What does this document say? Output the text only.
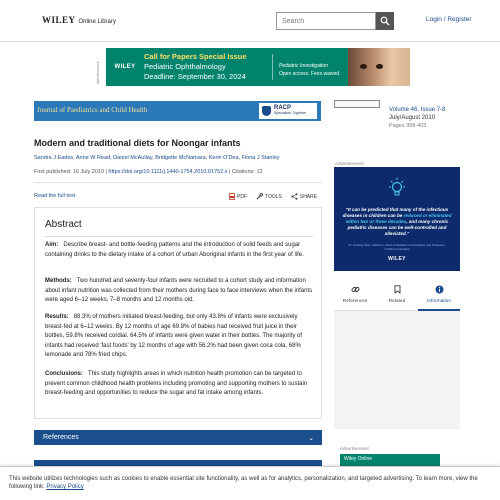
WILEY Online Library
Search	Login / Register
Advertisement	WILEY
Call for Papers Special Issue
Pediatric Ophthalmology
Deadline: September 30, 2024
Pediatric Investigation
Open access. Fees waived.
Journal of Paediatrics and Child Health	RACP
Specialists. Together	Volume 46, Issue 7-8
July/August 2010
Pages 398-403
Modern and traditional diets for Noongar infants
Sandra J Eades, Anne W Read, Daniel McAullay, Bridgette McNamara, Kerin O'Dea, Fiona J Stanley
First published: 16 July 2010 | https://doi.org/10.1111/j.1440-1754.2010.01752.x | Citations: 12
Read the full text	PDF	TOOLS	SHARE
Abstract
Aim: Describe breast- and bottle-feeding patterns and the introduction of solid feeds and sugar containing drinks to the dietary intake of a cohort of urban Aboriginal infants in the first year of life.
Methods: Two hundred and seventy-four infants were recruited to a cohort study and information about infant nutrition was collected from their mothers during face to face interviews when the infants were aged 6–12 weeks, 7–8 months and 12 months old.
Results: 88.3% of mothers initiated breast-feeding, but only 43.8% of infants were exclusively breast-fed at 6–12 weeks. By 12 months of age 69.8% of babies had received fruit juice in their bottles, 59.8% received cordial. 64.5% of infants were given water in their bottles. The majority of infants had received 'fast foods' by 12 months of age with 56.2% had been given coca cola, 68% lemonade and 78% fried chips.
Conclusions: This study highlights areas in which nutrition health promotion can be targeted to prevent common childhood health problems including promoting and supporting mothers to sustain breast-feeding and opportunities to reduce the sugar and fat intake among infants.
References	⌄
Advertisement
"It can be predicted that many of the infectious diseases in children can be reduced or eliminated within two or three decades, and many chronic pediatric diseases can be well-controlled and alleviated."
Dr. Kunling Shen, Editor-in-Chief of Pediatric Investigation and Professor, Children's Hospital
WILEY
References	Related	Information
Advertisement
Wiley Online
This website utilizes technologies such as cookies to enable essential site functionality, as well as for analytics, personalization, and targeted advertising. To learn more, view the following link: Privacy Policy
